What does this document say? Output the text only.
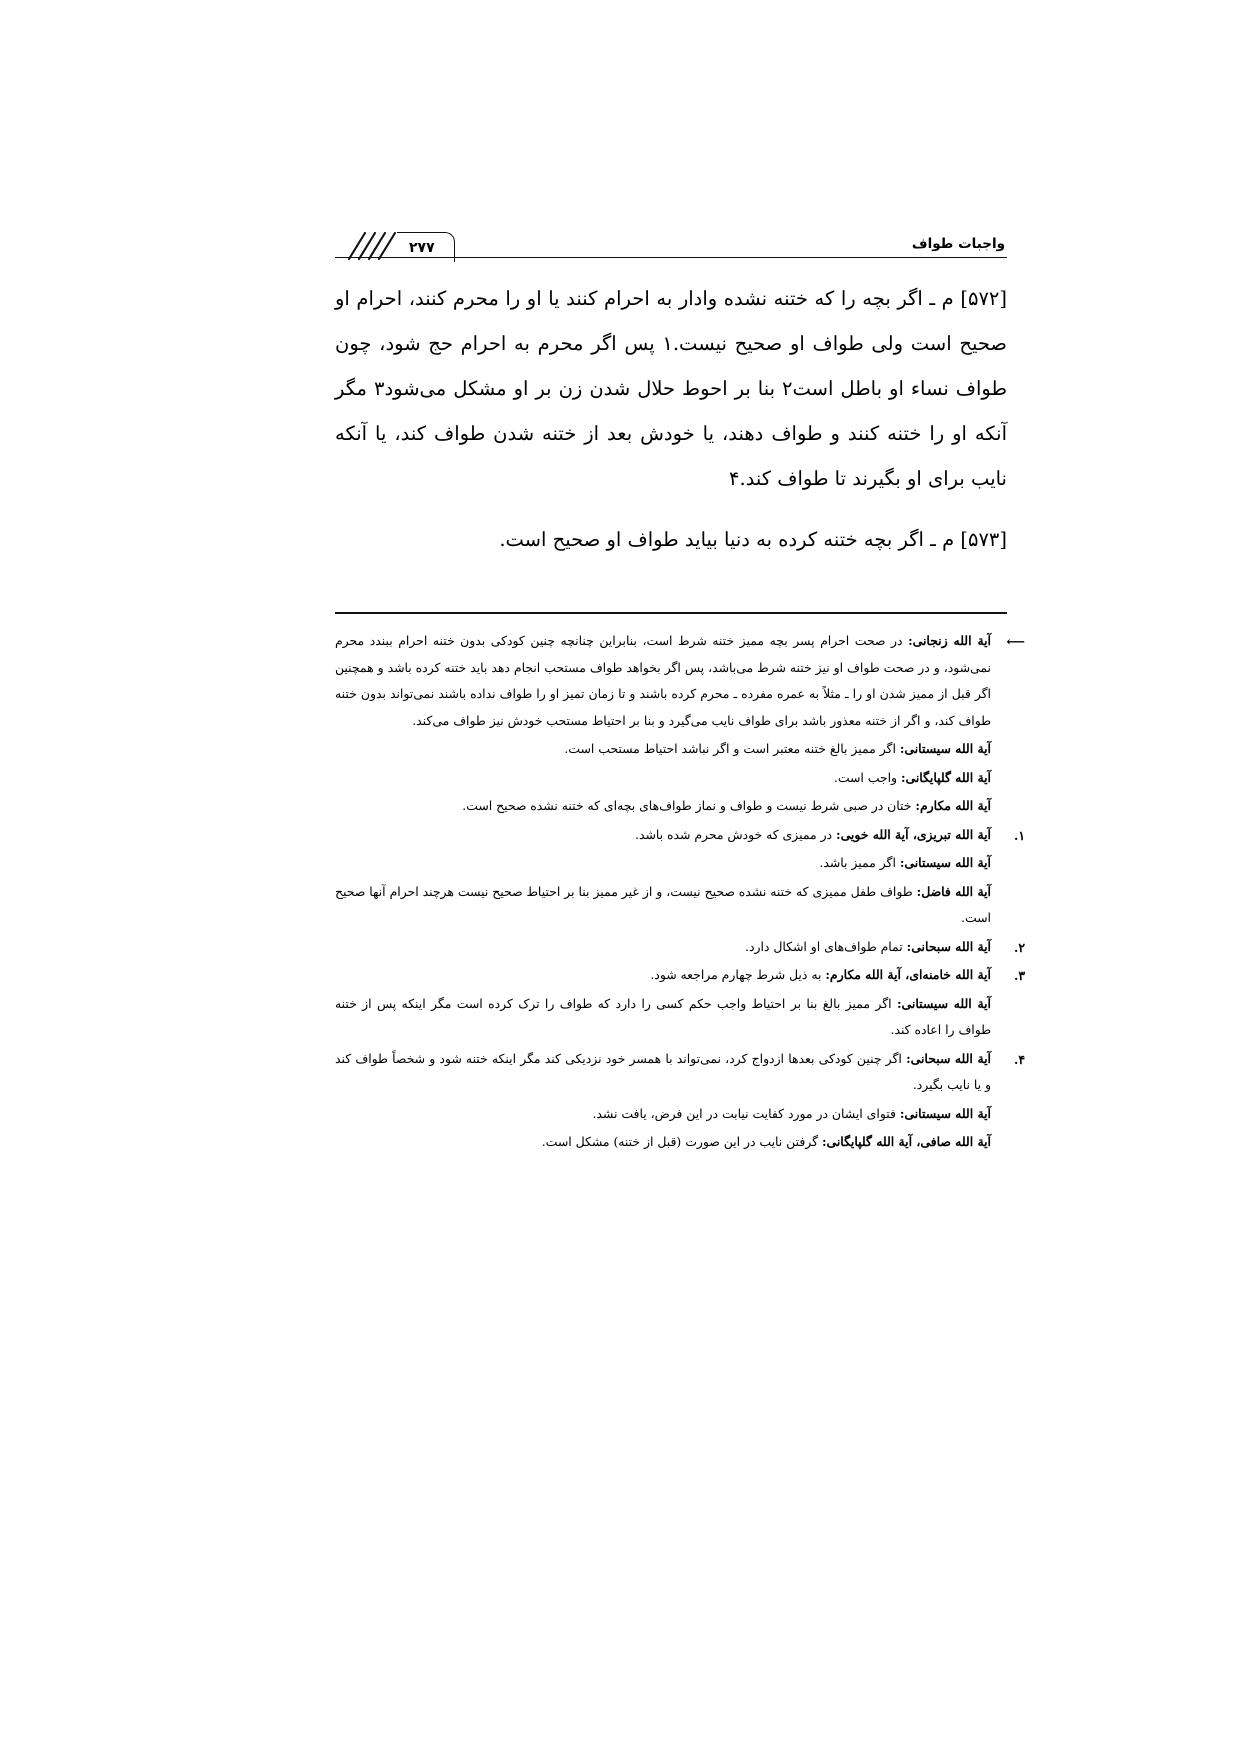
واجبات طواف
۲۷۷

[۵۷۲] م ـ اگر بچه را که ختنه نشده وادار به احرام کنند یا او را محرم کنند، احرام او صحیح است ولی طواف او صحیح نیست.۱ پس اگر محرم به احرام حج شود، چون طواف نساء او باطل است۲ بنا بر احوط حلال شدن زن بر او مشکل می‌شود۳ مگر آنکه او را ختنه کنند و طواف دهند، یا خودش بعد از ختنه شدن طواف کند، یا آنکه نایب برای او بگیرند تا طواف کند.۴

[۵۷۳] م ـ اگر بچه ختنه کرده به دنیا بیاید طواف او صحیح است.

⟵
آية الله زنجانی: در صحت احرام پسر بچه ممیز ختنه شرط است، بنابراین چنانچه چنین کودکی بدون ختنه احرام ببندد محرم نمی‌شود، و در صحت طواف او نیز ختنه شرط می‌باشد، پس اگر بخواهد طواف مستحب انجام دهد باید ختنه کرده باشد و همچنین اگر قبل از ممیز شدن او را ـ مثلاً به عمره مفرده ـ محرم کرده باشند و تا زمان تمیز او را طواف نداده باشند نمی‌تواند بدون ختنه طواف کند، و اگر از ختنه معذور باشد برای طواف نایب می‌گیرد و بنا بر احتیاط مستحب خودش نیز طواف می‌کند.

آية الله سیستانی: اگر ممیز بالغ ختنه معتبر است و اگر نباشد احتیاط مستحب است.

آية الله گلپایگانی: واجب است.

آية الله مکارم: ختان در صبی شرط نیست و طواف و نماز طواف‌های بچه‌ای که ختنه نشده صحیح است.

۱.
آية الله تبریزی، آية الله خویی: در ممیزی که خودش محرم شده باشد.

آية الله سیستانی: اگر ممیز باشد.

آية الله فاضل: طواف طفل ممیزی که ختنه نشده صحیح نیست، و از غیر ممیز بنا بر احتیاط صحیح نیست هرچند احرام آنها صحیح است.

۲.
آية الله سبحانی: تمام طواف‌های او اشکال دارد.

۳.
آية الله خامنه‌ای، آية الله مکارم: به ذیل شرط چهارم مراجعه شود.

آية الله سیستانی: اگر ممیز بالغ بنا بر احتیاط واجب حکم کسی را دارد که طواف را ترک کرده است مگر اینکه پس از ختنه طواف را اعاده کند.

۴.
آية الله سبحانی: اگر چنین کودکی بعدها ازدواج کرد، نمی‌تواند با همسر خود نزدیکی کند مگر اینکه ختنه شود و شخصاً طواف کند و یا نایب بگیرد.

آية الله سیستانی: فتوای ایشان در مورد کفایت نیابت در این فرض، یافت نشد.

آية الله صافی، آية الله گلپایگانی: گرفتن نایب در این صورت (قبل از ختنه) مشکل است.
